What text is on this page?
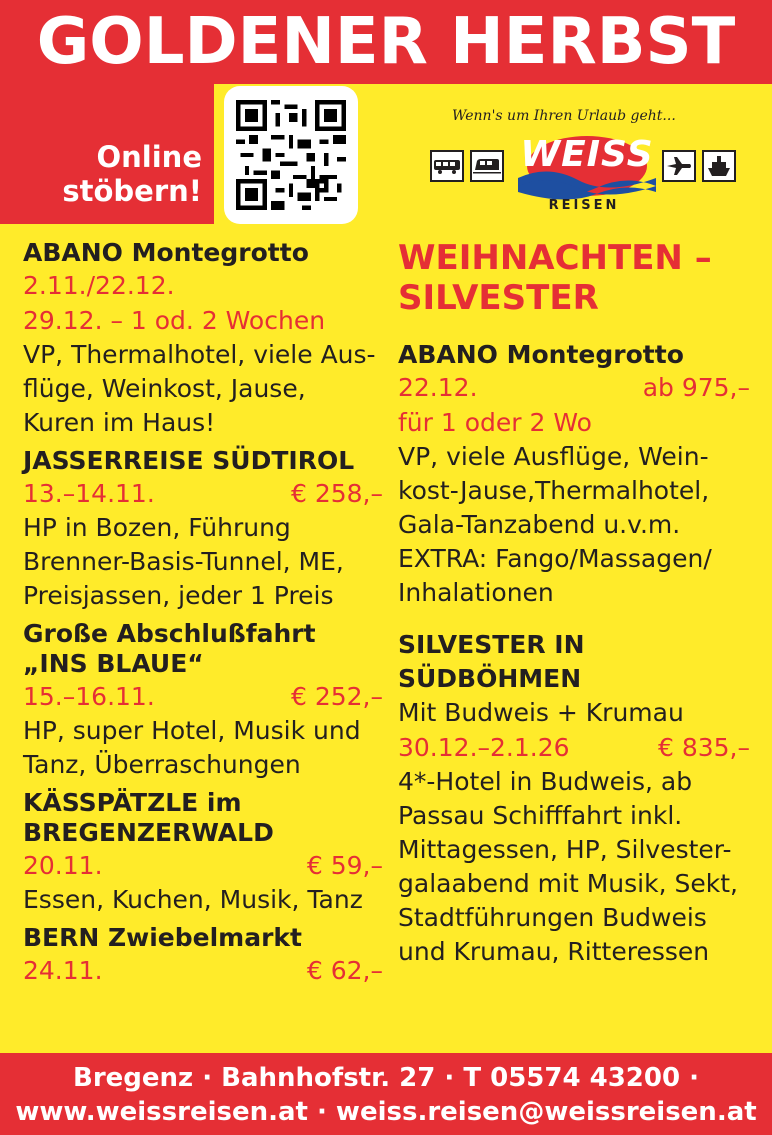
GOLDENER HERBST
Online
stöbern!
Wenn's um Ihren Urlaub geht...
WEISS
REISEN
ABANO Montegrotto
2.11./22.12.
29.12. – 1 od. 2 Wochen
VP, Thermalhotel, viele Aus-
flüge, Weinkost, Jause,
Kuren im Haus!
JASSERREISE SÜDTIROL
13.–14.11.	€ 258,–
HP in Bozen, Führung
Brenner-Basis-Tunnel, ME,
Preisjassen, jeder 1 Preis
Große Abschlußfahrt
„INS BLAUE“
15.–16.11.	€ 252,–
HP, super Hotel, Musik und
Tanz, Überraschungen
KÄSSPÄTZLE im
BREGENZERWALD
20.11.	€ 59,–
Essen, Kuchen, Musik, Tanz
BERN Zwiebelmarkt
24.11.	€ 62,–
WEIHNACHTEN –
SILVESTER
ABANO Montegrotto
22.12.	ab 975,–
für 1 oder 2 Wo
VP, viele Ausflüge, Wein-
kost-Jause,Thermalhotel,
Gala-Tanzabend u.v.m.
EXTRA: Fango/Massagen/
Inhalationen
SILVESTER IN
SÜDBÖHMEN
Mit Budweis + Krumau
30.12.–2.1.26	€ 835,–
4*-Hotel in Budweis, ab
Passau Schifffahrt inkl.
Mittagessen, HP, Silvester-
galaabend mit Musik, Sekt,
Stadtführungen Budweis
und Krumau, Ritteressen
Bregenz · Bahnhofstr. 27 · T 05574 43200 ·
www.weissreisen.at · weiss.reisen@weissreisen.at
